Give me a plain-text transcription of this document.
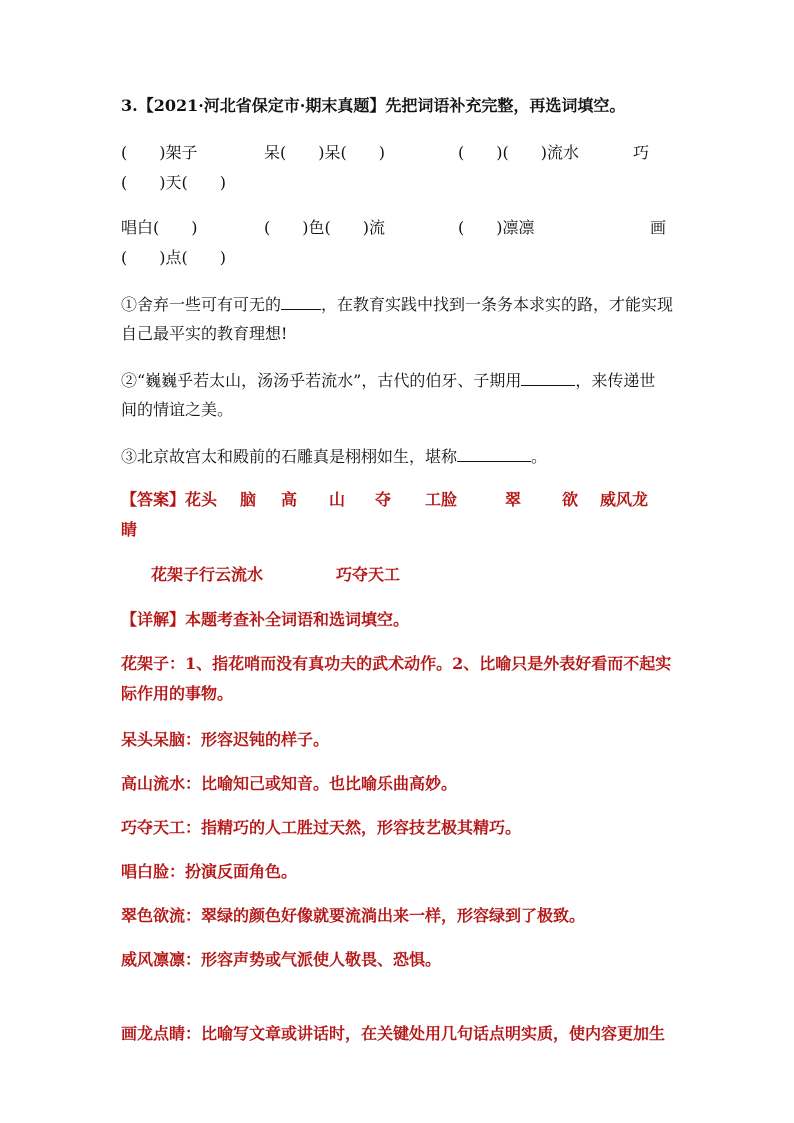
3.【2021·河北省保定市·期末真题】先把词语补充完整，再选词填空。
(　　)架子	呆(　　)呆(　　)	(　　)(　　)流水	巧
(　　)天(　　)
唱白(　　)	(　　)色(　　)流	(　　)凛凛	画
(　　)点(　　)
①舍弃一些可有可无的	，在教育实践中找到一条务本求实的路，才能实现
自己最平实的教育理想!
②“巍巍乎若太山，汤汤乎若流水”，古代的伯牙、子期用	，来传递世
间的情谊之美。
③北京故宫太和殿前的石雕真是栩栩如生，堪称	。
【答案】 花头 脑 高 山 夺 工脸	翠	欲 威风龙
睛
花架子行云流水	巧夺天工
【详解】本题考查补全词语和选词填空。
花架子：1、指花哨而没有真功夫的武术动作。2、比喻只是外表好看而不起实
际作用的事物。
呆头呆脑：形容迟钝的样子。
高山流水：比喻知己或知音。也比喻乐曲高妙。
巧夺天工：指精巧的人工胜过天然，形容技艺极其精巧。
唱白脸：扮演反面角色。
翠色欲流：翠绿的颜色好像就要流淌出来一样，形容绿到了极致。
威风凛凛：形容声势或气派使人敬畏、恐惧。
画龙点睛：比喻写文章或讲话时，在关键处用几句话点明实质，使内容更加生
